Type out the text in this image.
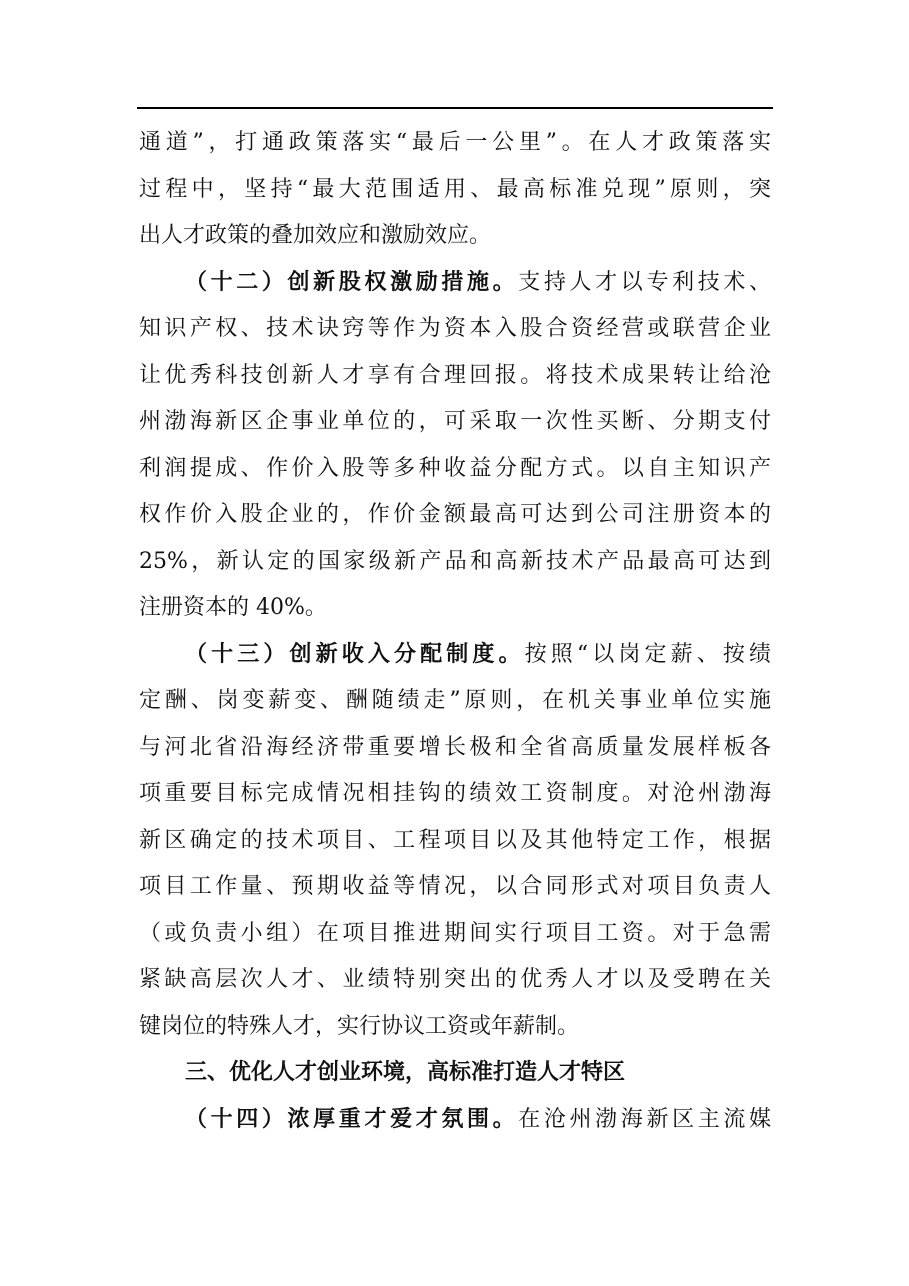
通道”，打通政策落实“最后一公里”。在人才政策落实
过程中，坚持“最大范围适用、最高标准兑现”原则，突
出人才政策的叠加效应和激励效应。
（十二）创新股权激励措施。支持人才以专利技术、
知识产权、技术诀窍等作为资本入股合资经营或联营企业
让优秀科技创新人才享有合理回报。将技术成果转让给沧
州渤海新区企事业单位的，可采取一次性买断、分期支付
利润提成、作价入股等多种收益分配方式。以自主知识产
权作价入股企业的，作价金额最高可达到公司注册资本的
25%，新认定的国家级新产品和高新技术产品最高可达到
注册资本的 40%。
（十三）创新收入分配制度。按照“以岗定薪、按绩
定酬、岗变薪变、酬随绩走”原则，在机关事业单位实施
与河北省沿海经济带重要增长极和全省高质量发展样板各
项重要目标完成情况相挂钩的绩效工资制度。对沧州渤海
新区确定的技术项目、工程项目以及其他特定工作，根据
项目工作量、预期收益等情况，以合同形式对项目负责人
（或负责小组）在项目推进期间实行项目工资。对于急需
紧缺高层次人才、业绩特别突出的优秀人才以及受聘在关
键岗位的特殊人才，实行协议工资或年薪制。
三、优化人才创业环境，高标准打造人才特区
（十四）浓厚重才爱才氛围。在沧州渤海新区主流媒
